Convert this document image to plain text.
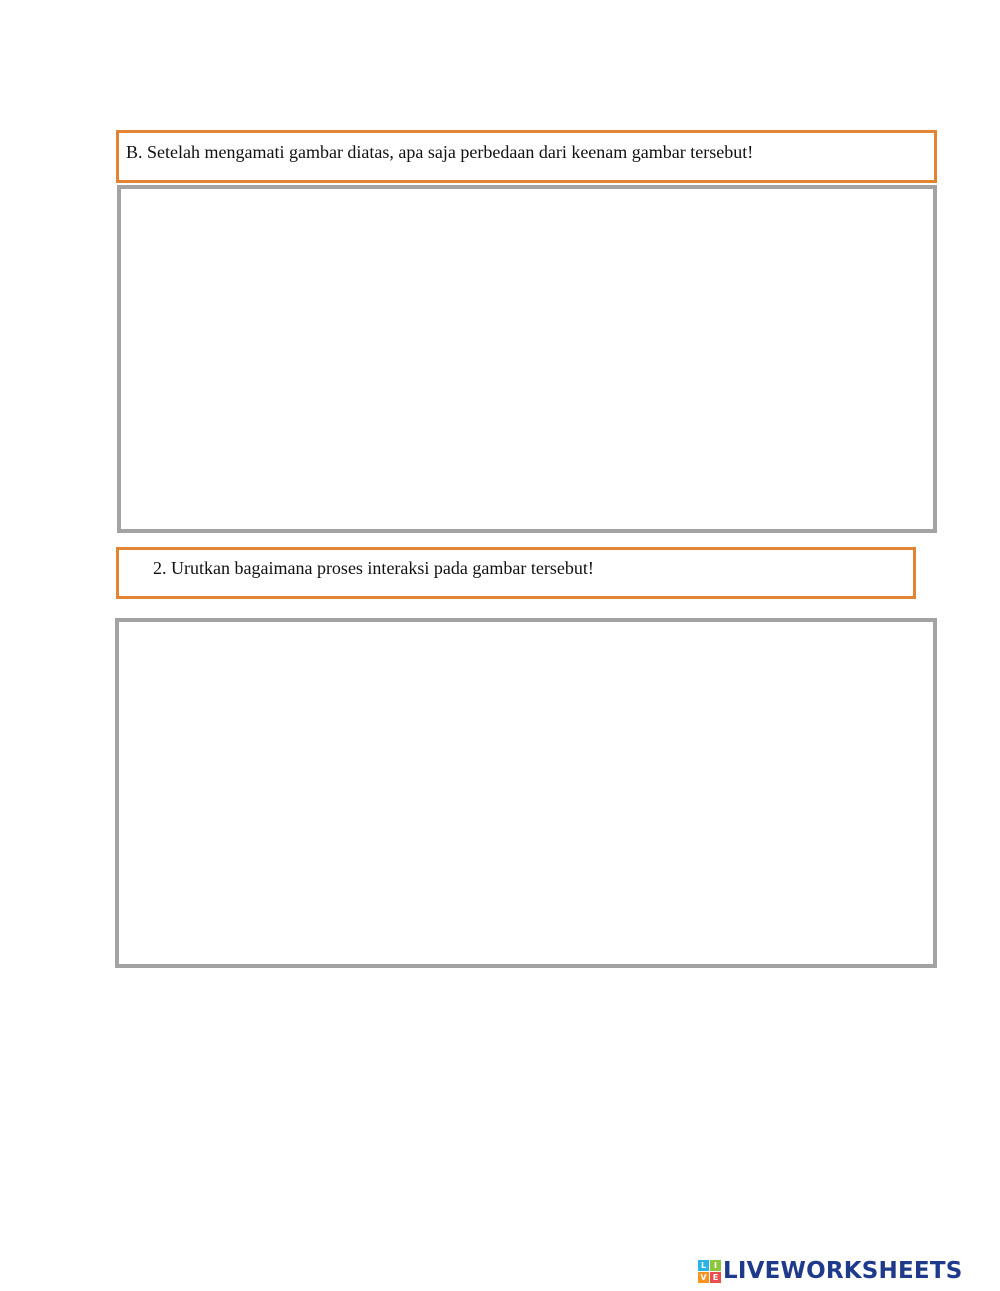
B. Setelah mengamati gambar diatas, apa saja perbedaan dari keenam gambar tersebut!
2. Urutkan bagaimana proses interaksi pada gambar tersebut!
L I
V E LIVEWORKSHEETS
